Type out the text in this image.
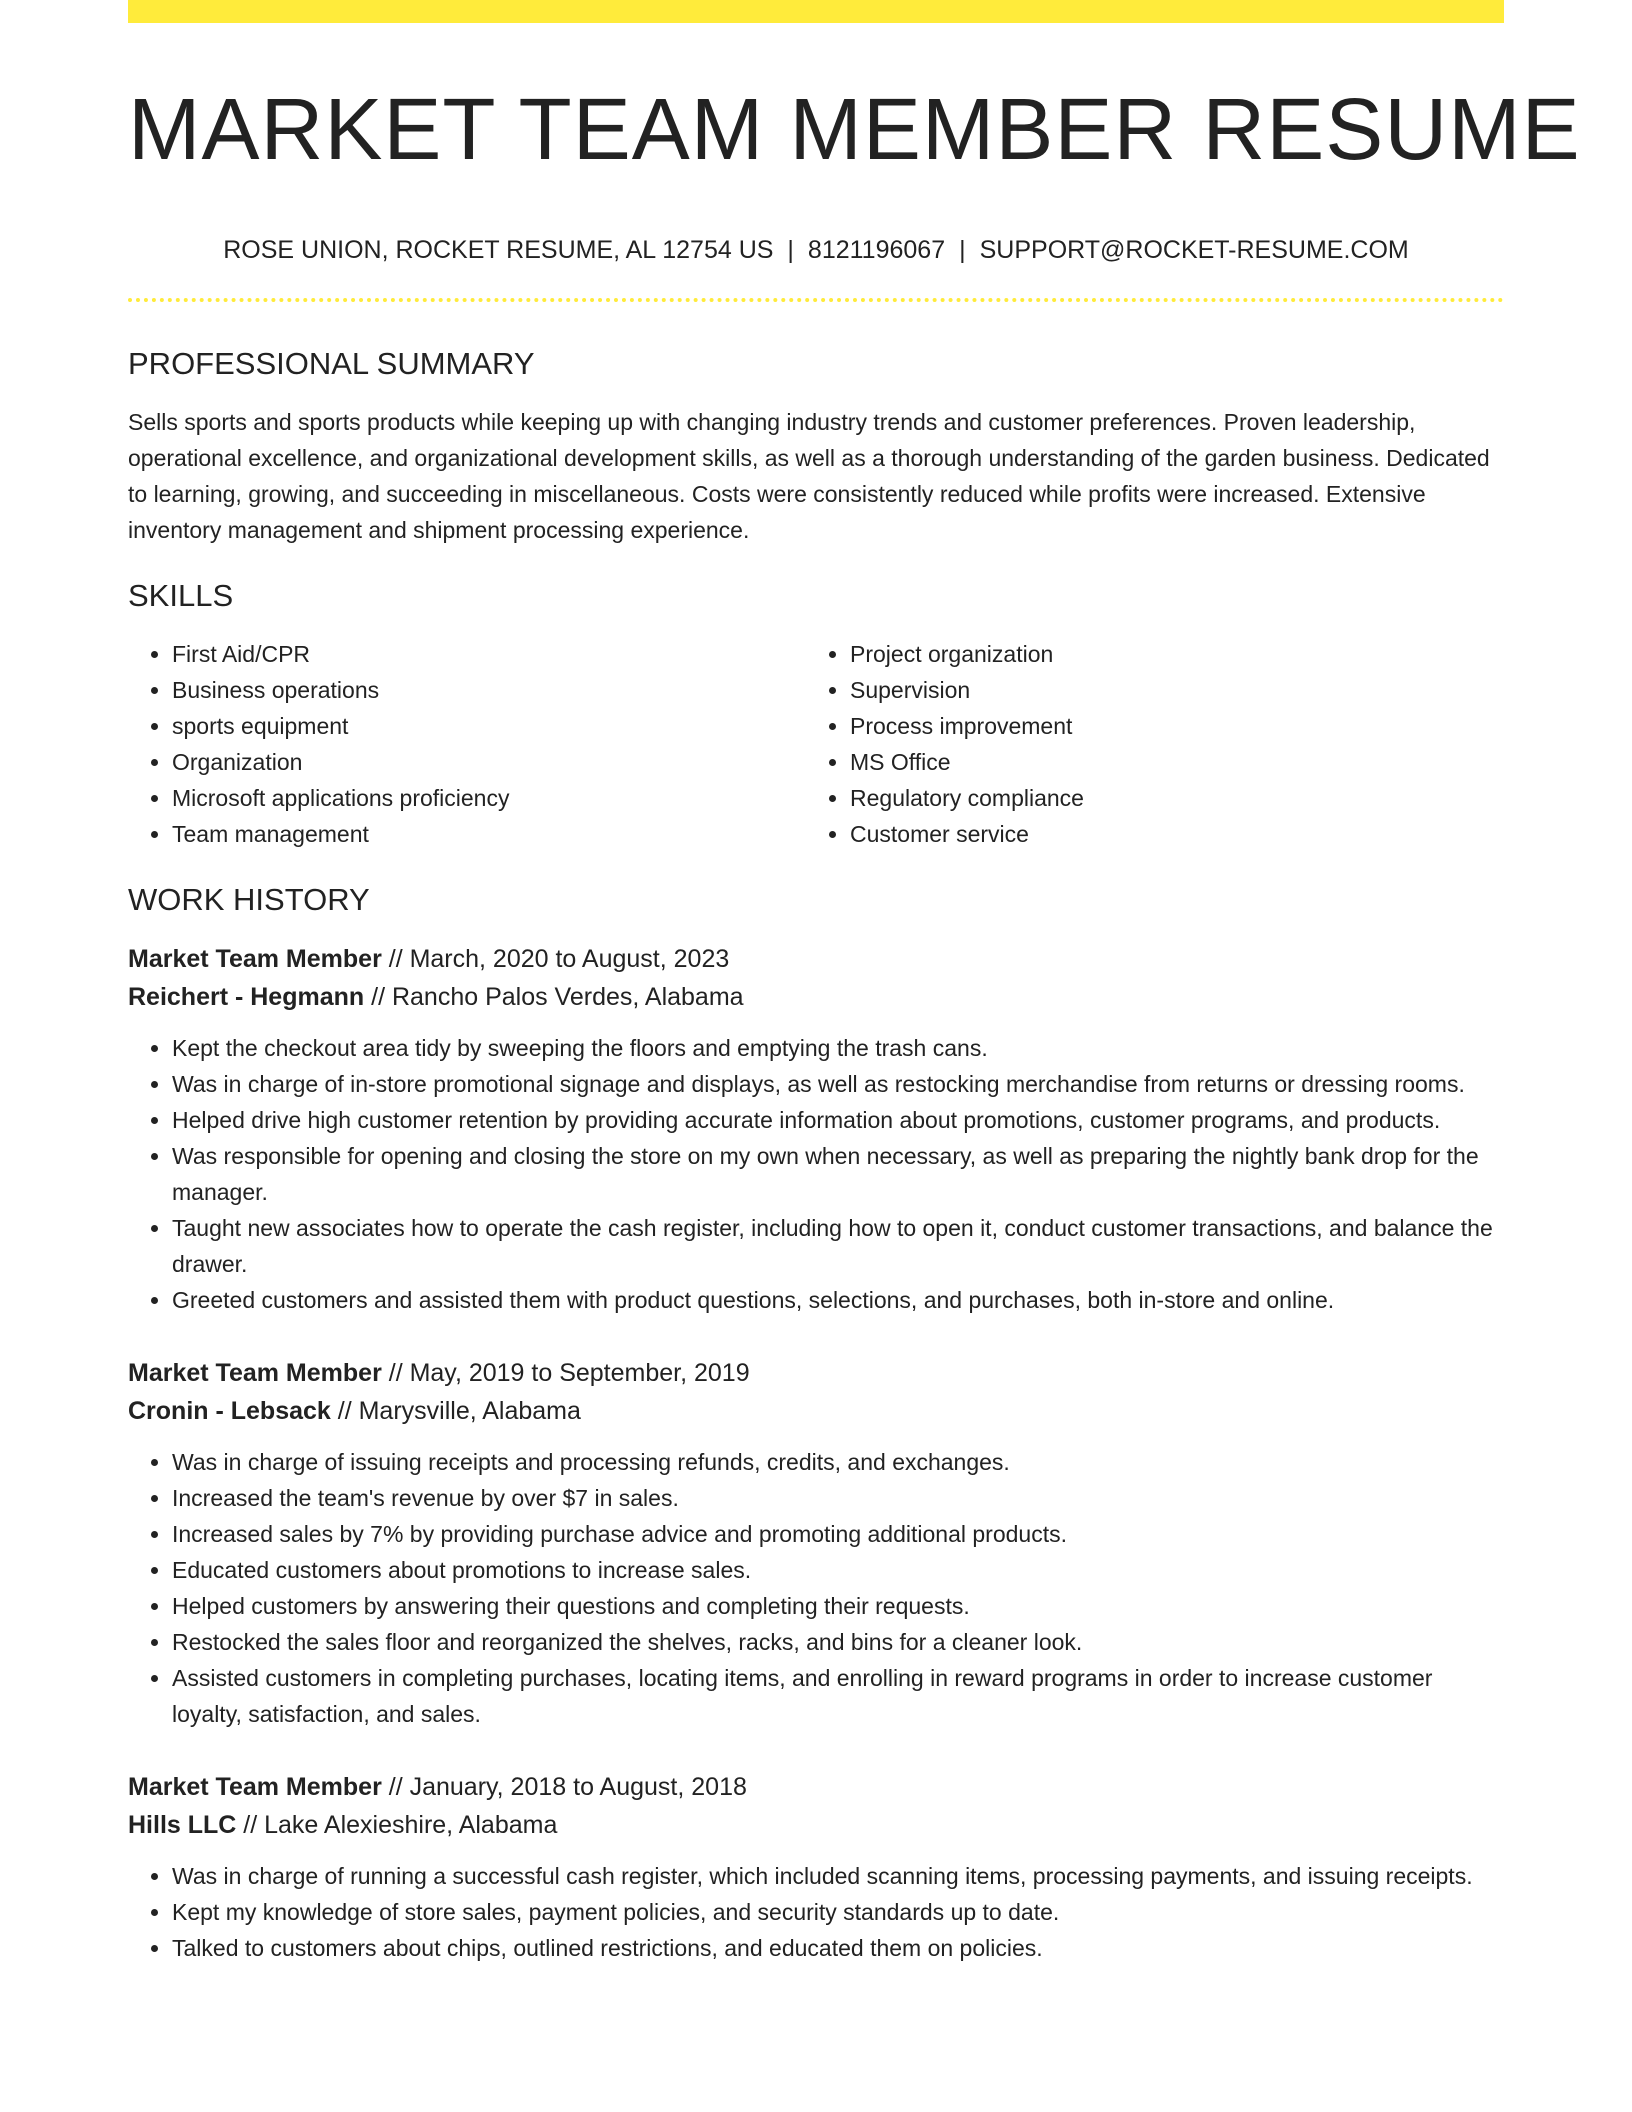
MARKET TEAM MEMBER RESUME
ROSE UNION, ROCKET RESUME, AL 12754 US | 8121196067 | SUPPORT@ROCKET-RESUME.COM
PROFESSIONAL SUMMARY
Sells sports and sports products while keeping up with changing industry trends and customer preferences. Proven leadership, operational excellence, and organizational development skills, as well as a thorough understanding of the garden business. Dedicated to learning, growing, and succeeding in miscellaneous. Costs were consistently reduced while profits were increased. Extensive inventory management and shipment processing experience.
SKILLS
• First Aid/CPR
• Business operations
• sports equipment
• Organization
• Microsoft applications proficiency
• Team management
• Project organization
• Supervision
• Process improvement
• MS Office
• Regulatory compliance
• Customer service
WORK HISTORY
Market Team Member // March, 2020 to August, 2023
Reichert - Hegmann // Rancho Palos Verdes, Alabama
• Kept the checkout area tidy by sweeping the floors and emptying the trash cans.
• Was in charge of in-store promotional signage and displays, as well as restocking merchandise from returns or dressing rooms.
• Helped drive high customer retention by providing accurate information about promotions, customer programs, and products.
• Was responsible for opening and closing the store on my own when necessary, as well as preparing the nightly bank drop for the manager.
• Taught new associates how to operate the cash register, including how to open it, conduct customer transactions, and balance the drawer.
• Greeted customers and assisted them with product questions, selections, and purchases, both in-store and online.
Market Team Member // May, 2019 to September, 2019
Cronin - Lebsack // Marysville, Alabama
• Was in charge of issuing receipts and processing refunds, credits, and exchanges.
• Increased the team's revenue by over $7 in sales.
• Increased sales by 7% by providing purchase advice and promoting additional products.
• Educated customers about promotions to increase sales.
• Helped customers by answering their questions and completing their requests.
• Restocked the sales floor and reorganized the shelves, racks, and bins for a cleaner look.
• Assisted customers in completing purchases, locating items, and enrolling in reward programs in order to increase customer loyalty, satisfaction, and sales.
Market Team Member // January, 2018 to August, 2018
Hills LLC // Lake Alexieshire, Alabama
• Was in charge of running a successful cash register, which included scanning items, processing payments, and issuing receipts.
• Kept my knowledge of store sales, payment policies, and security standards up to date.
• Talked to customers about chips, outlined restrictions, and educated them on policies.
